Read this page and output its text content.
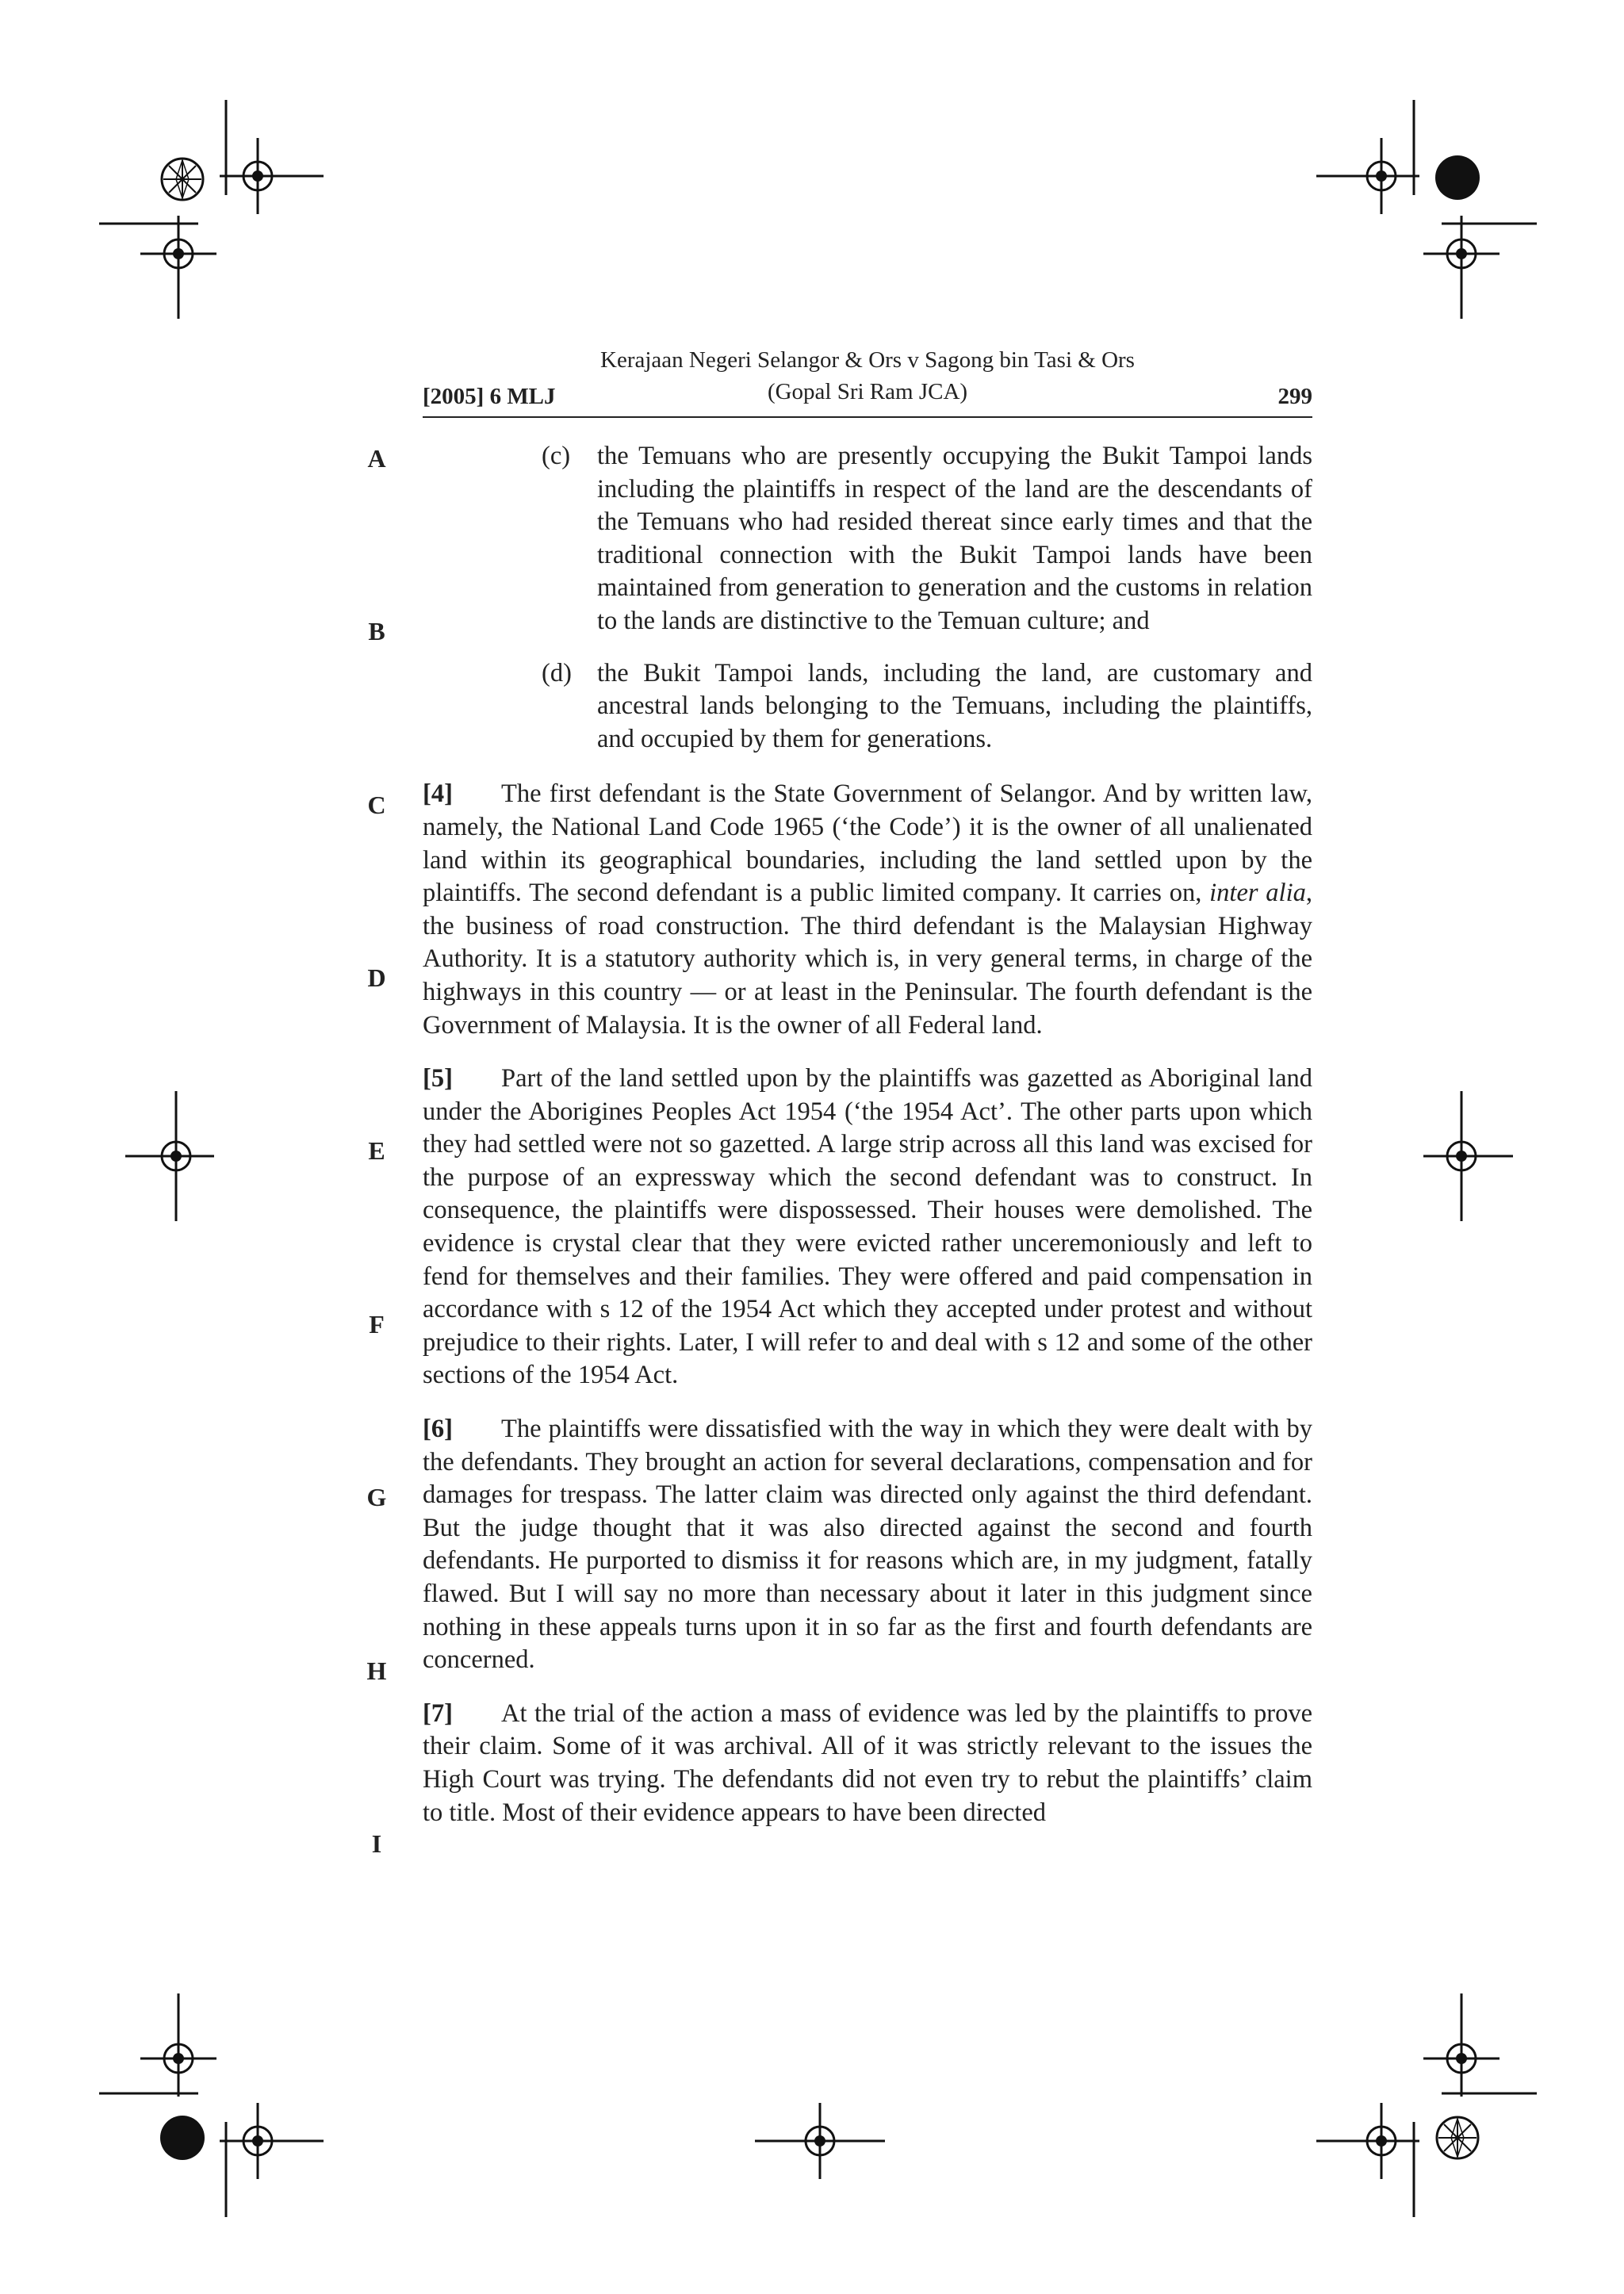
Kerajaan Negeri Selangor & Ors v Sagong bin Tasi & Ors
(Gopal Sri Ram JCA)
[2005] 6 MLJ	299
A
B
C
D
E
F
G
H
I
(c) the Temuans who are presently occupying the Bukit Tampoi lands including the plaintiffs in respect of the land are the descendants of the Temuans who had resided thereat since early times and that the traditional connection with the Bukit Tampoi lands have been maintained from generation to generation and the customs in relation to the lands are distinctive to the Temuan culture; and
(d) the Bukit Tampoi lands, including the land, are customary and ancestral lands belonging to the Temuans, including the plaintiffs, and occupied by them for generations.

[4] The first defendant is the State Government of Selangor. And by written law, namely, the National Land Code 1965 (‘the Code’) it is the owner of all unalienated land within its geographical boundaries, including the land settled upon by the plaintiffs. The second defendant is a public limited company. It carries on, inter alia, the business of road construction. The third defendant is the Malaysian Highway Authority. It is a statutory authority which is, in very general terms, in charge of the highways in this country — or at least in the Peninsular. The fourth defendant is the Government of Malaysia. It is the owner of all Federal land.

[5] Part of the land settled upon by the plaintiffs was gazetted as Aboriginal land under the Aborigines Peoples Act 1954 (‘the 1954 Act’. The other parts upon which they had settled were not so gazetted. A large strip across all this land was excised for the purpose of an expressway which the second defendant was to construct. In consequence, the plaintiffs were dispossessed. Their houses were demolished. The evidence is crystal clear that they were evicted rather unceremoniously and left to fend for themselves and their families. They were offered and paid compensation in accordance with s 12 of the 1954 Act which they accepted under protest and without prejudice to their rights. Later, I will refer to and deal with s 12 and some of the other sections of the 1954 Act.

[6] The plaintiffs were dissatisfied with the way in which they were dealt with by the defendants. They brought an action for several declarations, compensation and for damages for trespass. The latter claim was directed only against the third defendant. But the judge thought that it was also directed against the second and fourth defendants. He purported to dismiss it for reasons which are, in my judgment, fatally flawed. But I will say no more than necessary about it later in this judgment since nothing in these appeals turns upon it in so far as the first and fourth defendants are concerned.

[7] At the trial of the action a mass of evidence was led by the plaintiffs to prove their claim. Some of it was archival. All of it was strictly relevant to the issues the High Court was trying. The defendants did not even try to rebut the plaintiffs’ claim to title. Most of their evidence appears to have been directed
